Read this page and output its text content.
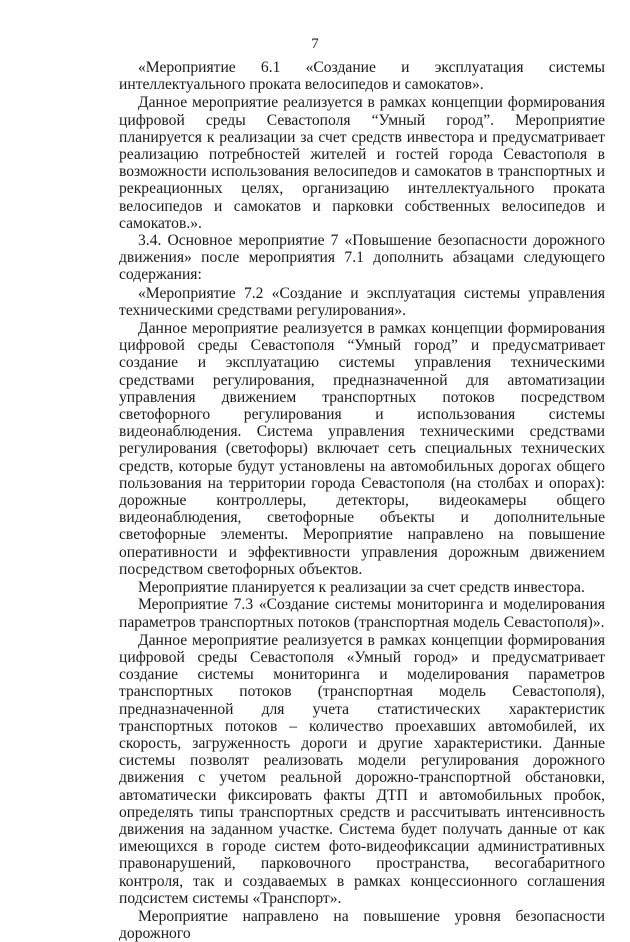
7

«Мероприятие 6.1 «Создание и эксплуатация системы интеллектуального проката велосипедов и самокатов».

Данное мероприятие реализуется в рамках концепции формирования цифровой среды Севастополя “Умный город”. Мероприятие планируется к реализации за счет средств инвестора и предусматривает реализацию потребностей жителей и гостей города Севастополя в возможности использования велосипедов и самокатов в транспортных и рекреационных целях, организацию интеллектуального проката велосипедов и самокатов и парковки собственных велосипедов и самокатов.».

3.4. Основное мероприятие 7 «Повышение безопасности дорожного движения» после мероприятия 7.1 дополнить абзацами следующего содержания:

«Мероприятие 7.2 «Создание и эксплуатация системы управления техническими средствами регулирования».

Данное мероприятие реализуется в рамках концепции формирования цифровой среды Севастополя “Умный город” и предусматривает создание и эксплуатацию системы управления техническими средствами регулирования, предназначенной для автоматизации управления движением транспортных потоков посредством светофорного регулирования и использования системы видеонаблюдения. Система управления техническими средствами регулирования (светофоры) включает сеть специальных технических средств, которые будут установлены на автомобильных дорогах общего пользования на территории города Севастополя (на столбах и опорах): дорожные контроллеры, детекторы, видеокамеры общего видеонаблюдения, светофорные объекты и дополнительные светофорные элементы. Мероприятие направлено на повышение оперативности и эффективности управления дорожным движением посредством светофорных объектов.

Мероприятие планируется к реализации за счет средств инвестора.

Мероприятие 7.3 «Создание системы мониторинга и моделирования параметров транспортных потоков (транспортная модель Севастополя)».

Данное мероприятие реализуется в рамках концепции формирования цифровой среды Севастополя «Умный город» и предусматривает создание системы мониторинга и моделирования параметров транспортных потоков (транспортная модель Севастополя), предназначенной для учета статистических характеристик транспортных потоков – количество проехавших автомобилей, их скорость, загруженность дороги и другие характеристики. Данные системы позволят реализовать модели регулирования дорожного движения с учетом реальной дорожно-транспортной обстановки, автоматически фиксировать факты ДТП и автомобильных пробок, определять типы транспортных средств и рассчитывать интенсивность движения на заданном участке. Система будет получать данные от как имеющихся в городе систем фото-видеофиксации административных правонарушений, парковочного пространства, весогабаритного контроля, так и создаваемых в рамках концессионного соглашения подсистем системы «Транспорт».

Мероприятие направлено на повышение уровня безопасности дорожного
